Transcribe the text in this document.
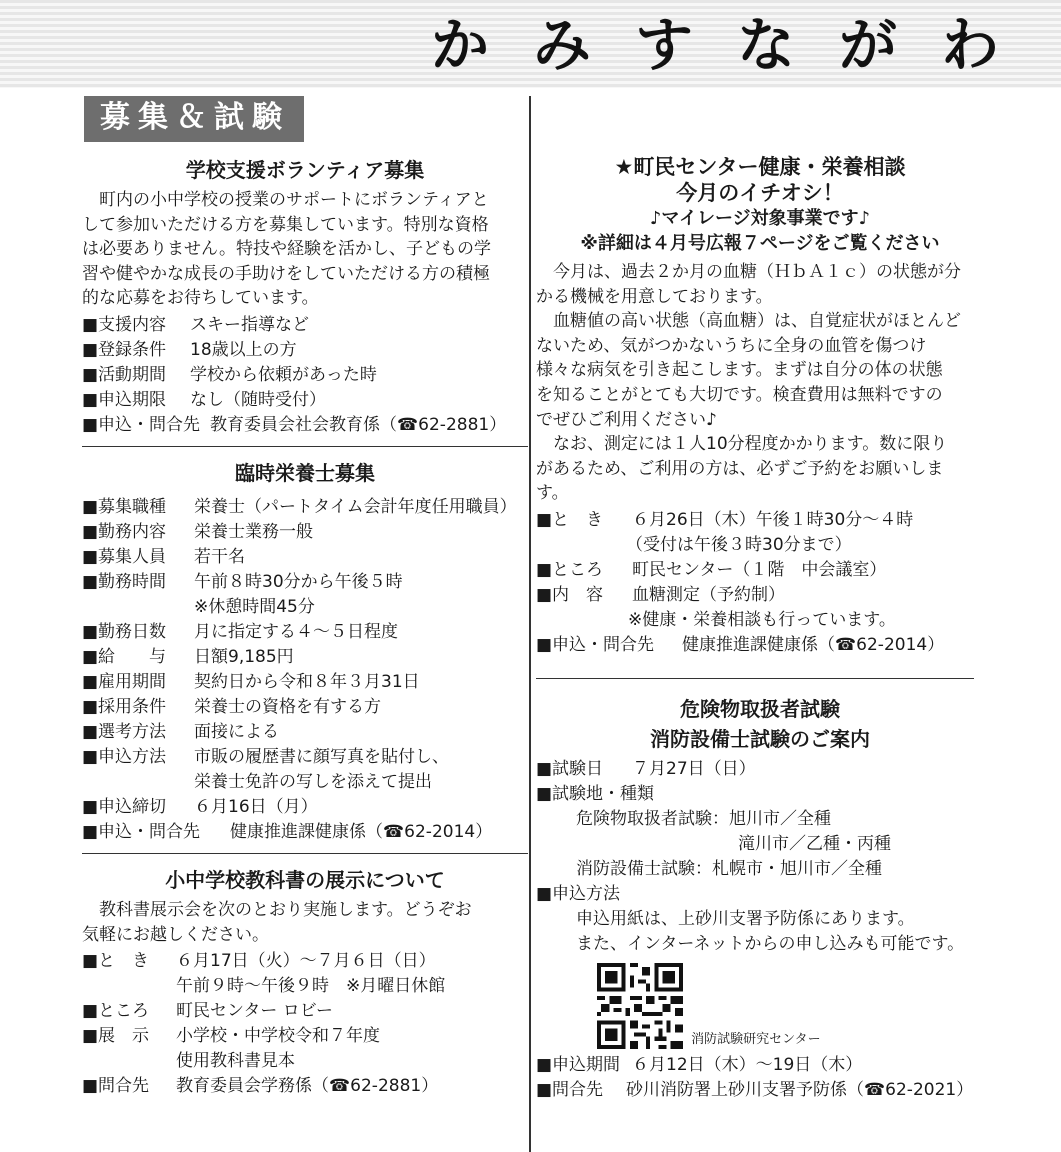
かみすながわ
募集＆試験
学校支援ボランティア募集
町内の小中学校の授業のサポートにボランティアと
して参加いただける方を募集しています。特別な資格
は必要ありません。特技や経験を活かし、子どもの学
習や健やかな成長の手助けをしていただける方の積極
的な応募をお待ちしています。
■支援内容	スキー指導など
■登録条件	18歳以上の方
■活動期間	学校から依頼があった時
■申込期限	なし（随時受付）
■申込・問合先 教育委員会社会教育係（☎62-2881）
臨時栄養士募集
■募集職種	栄養士（パートタイム会計年度任用職員）
■勤務内容	栄養士業務一般
■募集人員	若干名
■勤務時間	午前８時30分から午後５時
※休憩時間45分
■勤務日数	月に指定する４～５日程度
■給　　与	日額9,185円
■雇用期間	契約日から令和８年３月31日
■採用条件	栄養士の資格を有する方
■選考方法	面接による
■申込方法	市販の履歴書に顔写真を貼付し、
栄養士免許の写しを添えて提出
■申込締切	６月16日（月）
■申込・問合先	健康推進課健康係（☎62-2014）
小中学校教科書の展示について
教科書展示会を次のとおり実施します。どうぞお
気軽にお越しください。
■と　き	６月17日（火）～７月６日（日）
午前９時～午後９時　※月曜日休館
■ところ	町民センター ロビー
■展　示	小学校・中学校令和７年度
使用教科書見本
■問合先	教育委員会学務係（☎62-2881）
★町民センター健康・栄養相談
今月のイチオシ！
♪マイレージ対象事業です♪
※詳細は４月号広報７ページをご覧ください
今月は、過去２か月の血糖（ＨｂＡ１ｃ）の状態が分
かる機械を用意しております。
血糖値の高い状態（高血糖）は、自覚症状がほとんど
ないため、気がつかないうちに全身の血管を傷つけ
様々な病気を引き起こします。まずは自分の体の状態
を知ることがとても大切です。検査費用は無料ですの
でぜひご利用ください♪
なお、測定には１人10分程度かかります。数に限り
があるため、ご利用の方は、必ずご予約をお願いしま
す。
■と　き	６月26日（木）午後１時30分～４時
（受付は午後３時30分まで）
■ところ	町民センター（１階　中会議室）
■内　容	血糖測定（予約制）
※健康・栄養相談も行っています。
■申込・問合先	健康推進課健康係（☎62-2014）
危険物取扱者試験
消防設備士試験のご案内
■試験日	７月27日（日）
■試験地・種類
危険物取扱者試験：旭川市／全種
滝川市／乙種・丙種
消防設備士試験：札幌市・旭川市／全種
■申込方法
申込用紙は、上砂川支署予防係にあります。
また、インターネットからの申し込みも可能です。
消防試験研究センター
■申込期間 ６月12日（木）～19日（木）
■問合先	砂川消防署上砂川支署予防係（☎62-2021）
